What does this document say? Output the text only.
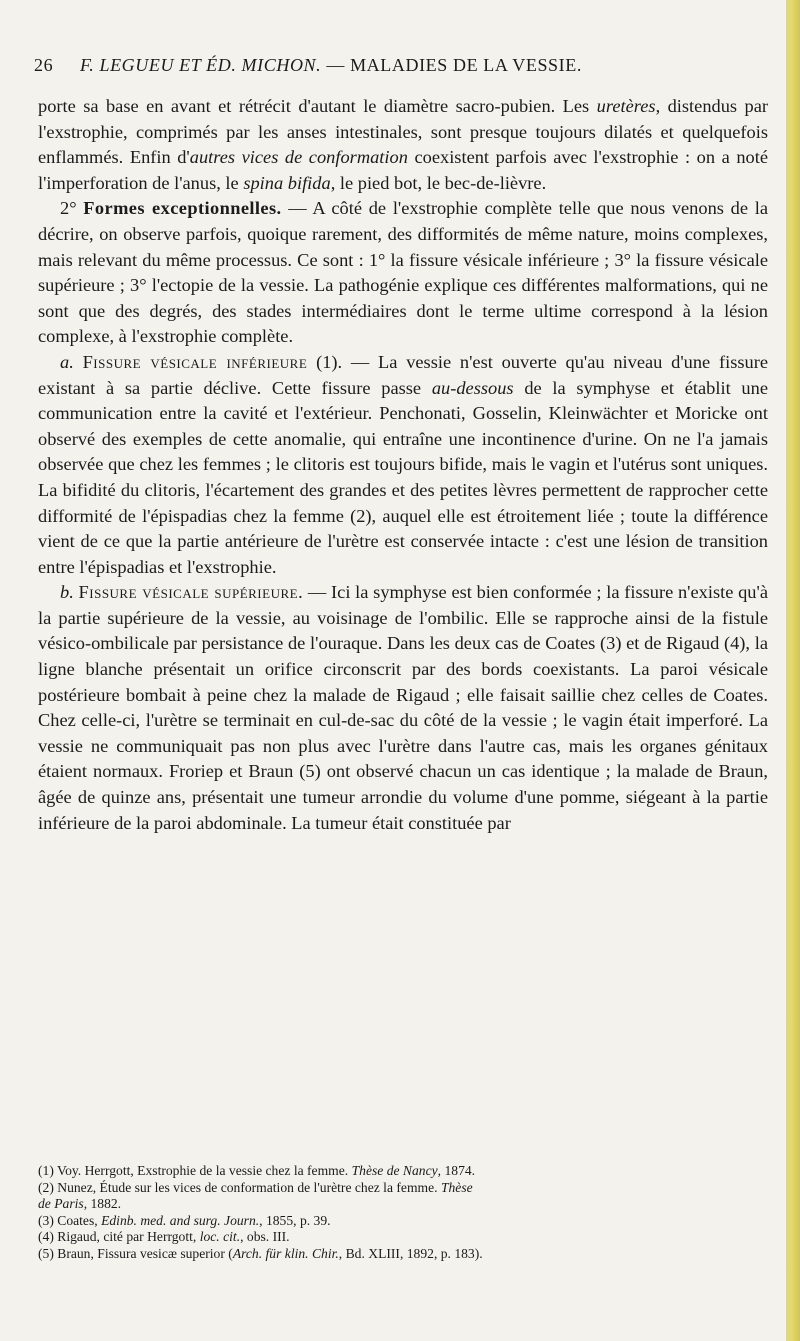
26 F. LEGUEU ET ÉD. MICHON. — MALADIES DE LA VESSIE.

porte sa base en avant et rétrécit d'autant le diamètre sacro-pubien. Les uretères, distendus par l'exstrophie, comprimés par les anses intestinales, sont presque toujours dilatés et quelquefois enflammés. Enfin d'autres vices de conformation coexistent parfois avec l'exstrophie : on a noté l'imperforation de l'anus, le spina bifida, le pied bot, le bec-de-lièvre.

2° Formes exceptionnelles. — A côté de l'exstrophie complète telle que nous venons de la décrire, on observe parfois, quoique rarement, des difformités de même nature, moins complexes, mais relevant du même processus. Ce sont : 1° la fissure vésicale inférieure ; 3° la fissure vésicale supérieure ; 3° l'ectopie de la vessie. La pathogénie explique ces différentes malformations, qui ne sont que des degrés, des stades intermédiaires dont le terme ultime correspond à la lésion complexe, à l'exstrophie complète.

a. Fissure vésicale inférieure (1). — La vessie n'est ouverte qu'au niveau d'une fissure existant à sa partie déclive. Cette fissure passe au-dessous de la symphyse et établit une communication entre la cavité et l'extérieur. Penchonati, Gosselin, Kleinwächter et Moricke ont observé des exemples de cette anomalie, qui entraîne une incontinence d'urine. On ne l'a jamais observée que chez les femmes ; le clitoris est toujours bifide, mais le vagin et l'utérus sont uniques. La bifidité du clitoris, l'écartement des grandes et des petites lèvres permettent de rapprocher cette difformité de l'épispadias chez la femme (2), auquel elle est étroitement liée ; toute la différence vient de ce que la partie antérieure de l'urètre est conservée intacte : c'est une lésion de transition entre l'épispadias et l'exstrophie.

b. Fissure vésicale supérieure. — Ici la symphyse est bien conformée ; la fissure n'existe qu'à la partie supérieure de la vessie, au voisinage de l'ombilic. Elle se rapproche ainsi de la fistule vésico-ombilicale par persistance de l'ouraque. Dans les deux cas de Coates (3) et de Rigaud (4), la ligne blanche présentait un orifice circonscrit par des bords coexistants. La paroi vésicale postérieure bombait à peine chez la malade de Rigaud ; elle faisait saillie chez celles de Coates. Chez celle-ci, l'urètre se terminait en cul-de-sac du côté de la vessie ; le vagin était imperforé. La vessie ne communiquait pas non plus avec l'urètre dans l'autre cas, mais les organes génitaux étaient normaux. Froriep et Braun (5) ont observé chacun un cas identique ; la malade de Braun, âgée de quinze ans, présentait une tumeur arrondie du volume d'une pomme, siégeant à la partie inférieure de la paroi abdominale. La tumeur était constituée par

(1) Voy. Herrgott, Exstrophie de la vessie chez la femme. Thèse de Nancy, 1874.
(2) Nunez, Étude sur les vices de conformation de l'urètre chez la femme. Thèse
de Paris, 1882.
(3) Coates, Edinb. med. and surg. Journ., 1855, p. 39.
(4) Rigaud, cité par Herrgott, loc. cit., obs. III.
(5) Braun, Fissura vesicæ superior (Arch. für klin. Chir., Bd. XLIII, 1892, p. 183).
